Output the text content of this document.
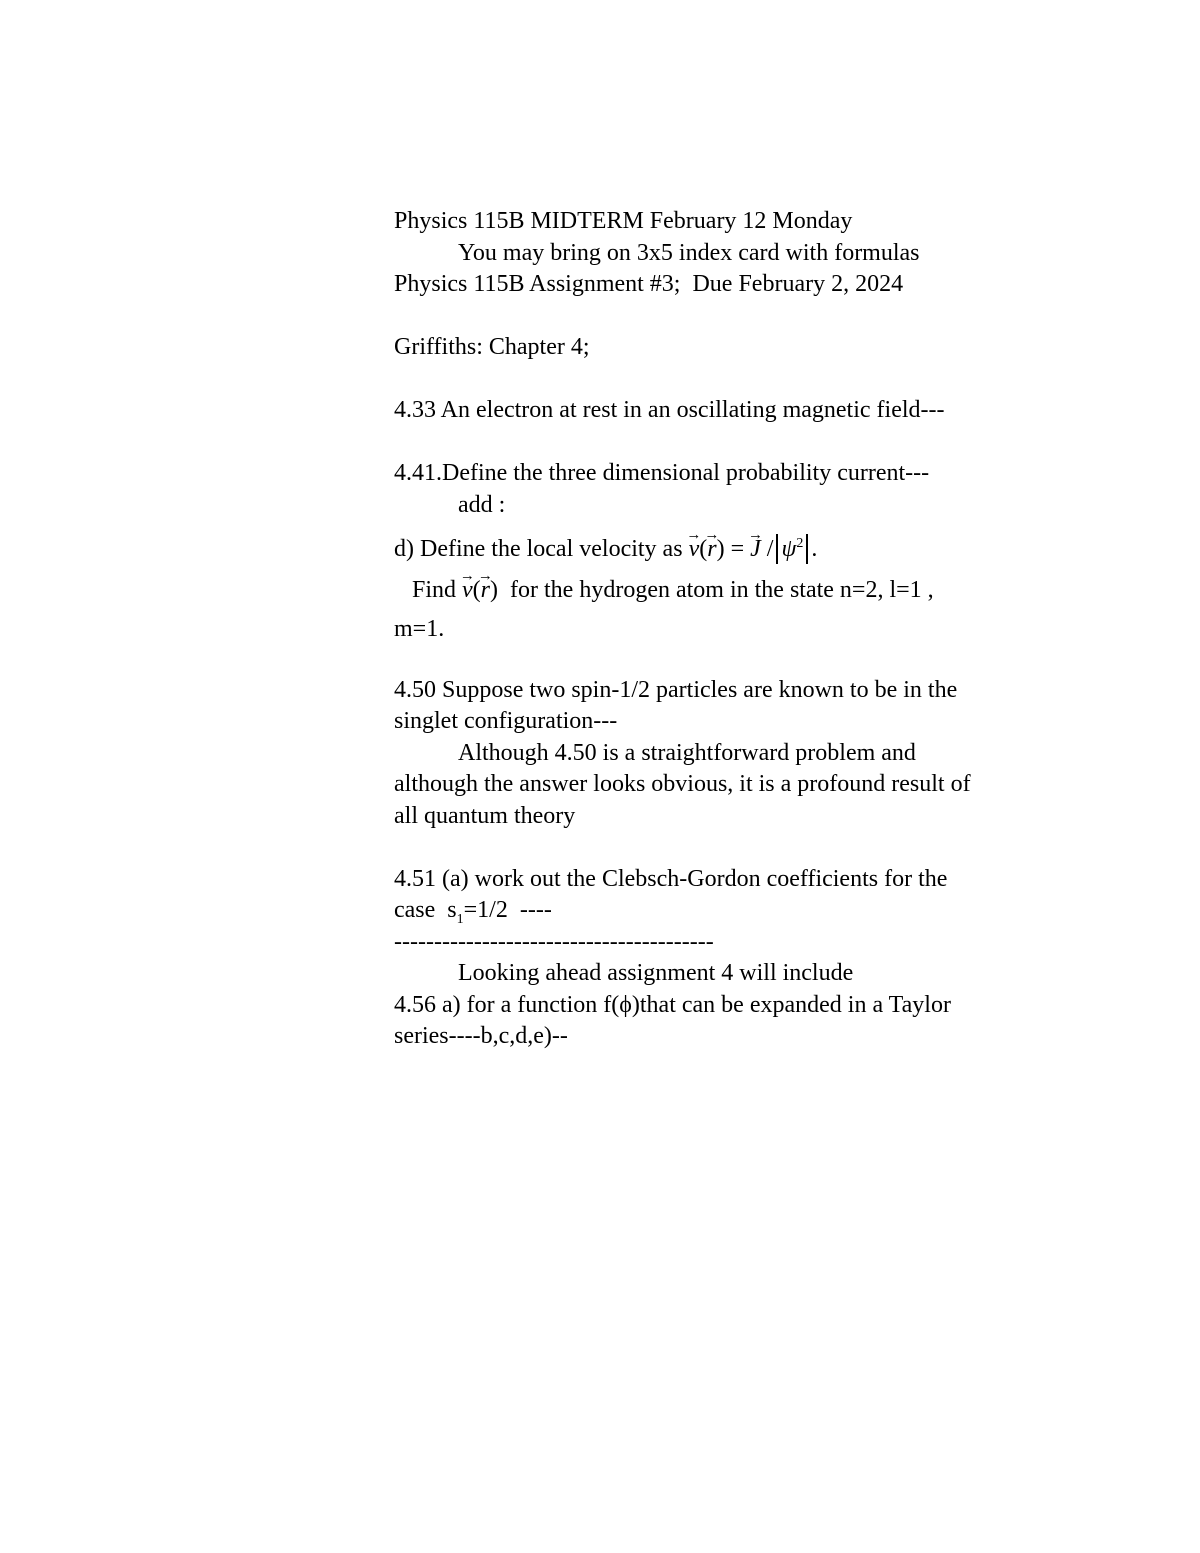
Physics 115B MIDTERM February 12 Monday
You may bring on 3x5 index card with formulas
Physics 115B Assignment #3;  Due February 2, 2024
Griffiths: Chapter 4;
4.33 An electron at rest in an oscillating magnetic field---
4.41.Define the three dimensional probability current---
add :
d) Define the local velocity as → v(→ r) = → J / $\psi^2$ .
Find → v(→ r)  for the hydrogen atom in the state n=2, l=1 ,
m=1.
4.50 Suppose two spin-1/2 particles are known to be in the
singlet configuration---
Although 4.50 is a straightforward problem and
although the answer looks obvious, it is a profound result of
all quantum theory
4.51 (a) work out the Clebsch-Gordon coefficients for the
case  $s_1=1/2$  ----
----------------------------------------
Looking ahead assignment 4 will include
4.56 a) for a function f(ϕ)that can be expanded in a Taylor
series----b,c,d,e)--
